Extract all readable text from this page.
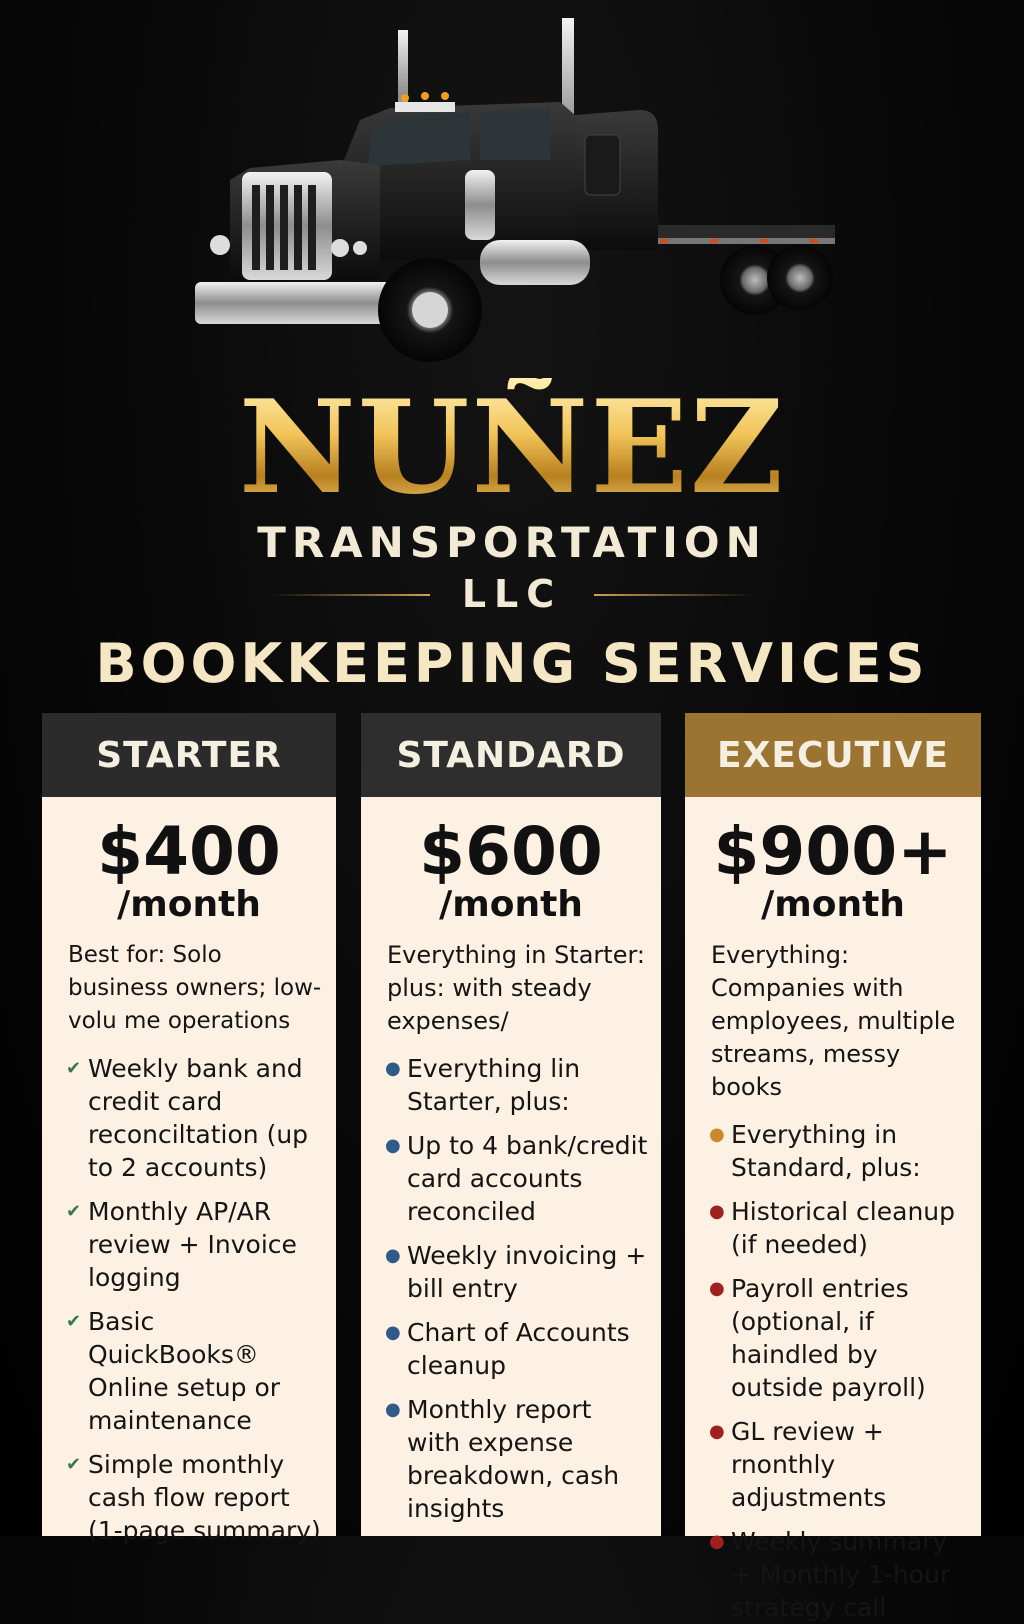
NUÑEZ
TRANSPORTATION
LLC
BOOKKEEPING SERVICES
STARTER
$400
/month
Best for: Solo business owners; low-volu me operations
✔ Weekly bank and credit card reconciltation (up to 2 accounts)
✔ Monthly AP/AR review + Invoice logging
✔ Basic QuickBooks® Online setup or maintenance
✔ Simple monthly cash flow report (1-page summary)
STANDARD
$600
/month
Everything in Starter: plus: with steady expenses/
● Everything lin Starter, plus:
● Up to 4 bank/credit card accounts reconciled
● Weekly invoicing + bill entry
● Chart of Accounts cleanup
● Monthly report with expense breakdown, cash insights
EXECUTIVE
$900+
/month
Everything: Companies with employees, multiple streams, messy books
● Everything in Standard, plus:
● Historical cleanup (if needed)
● Payroll entries (optional, if haindled by outside payroll)
● GL review + rnonthly adjustments
● Weekly summary + Monthly 1-hour strategy call
